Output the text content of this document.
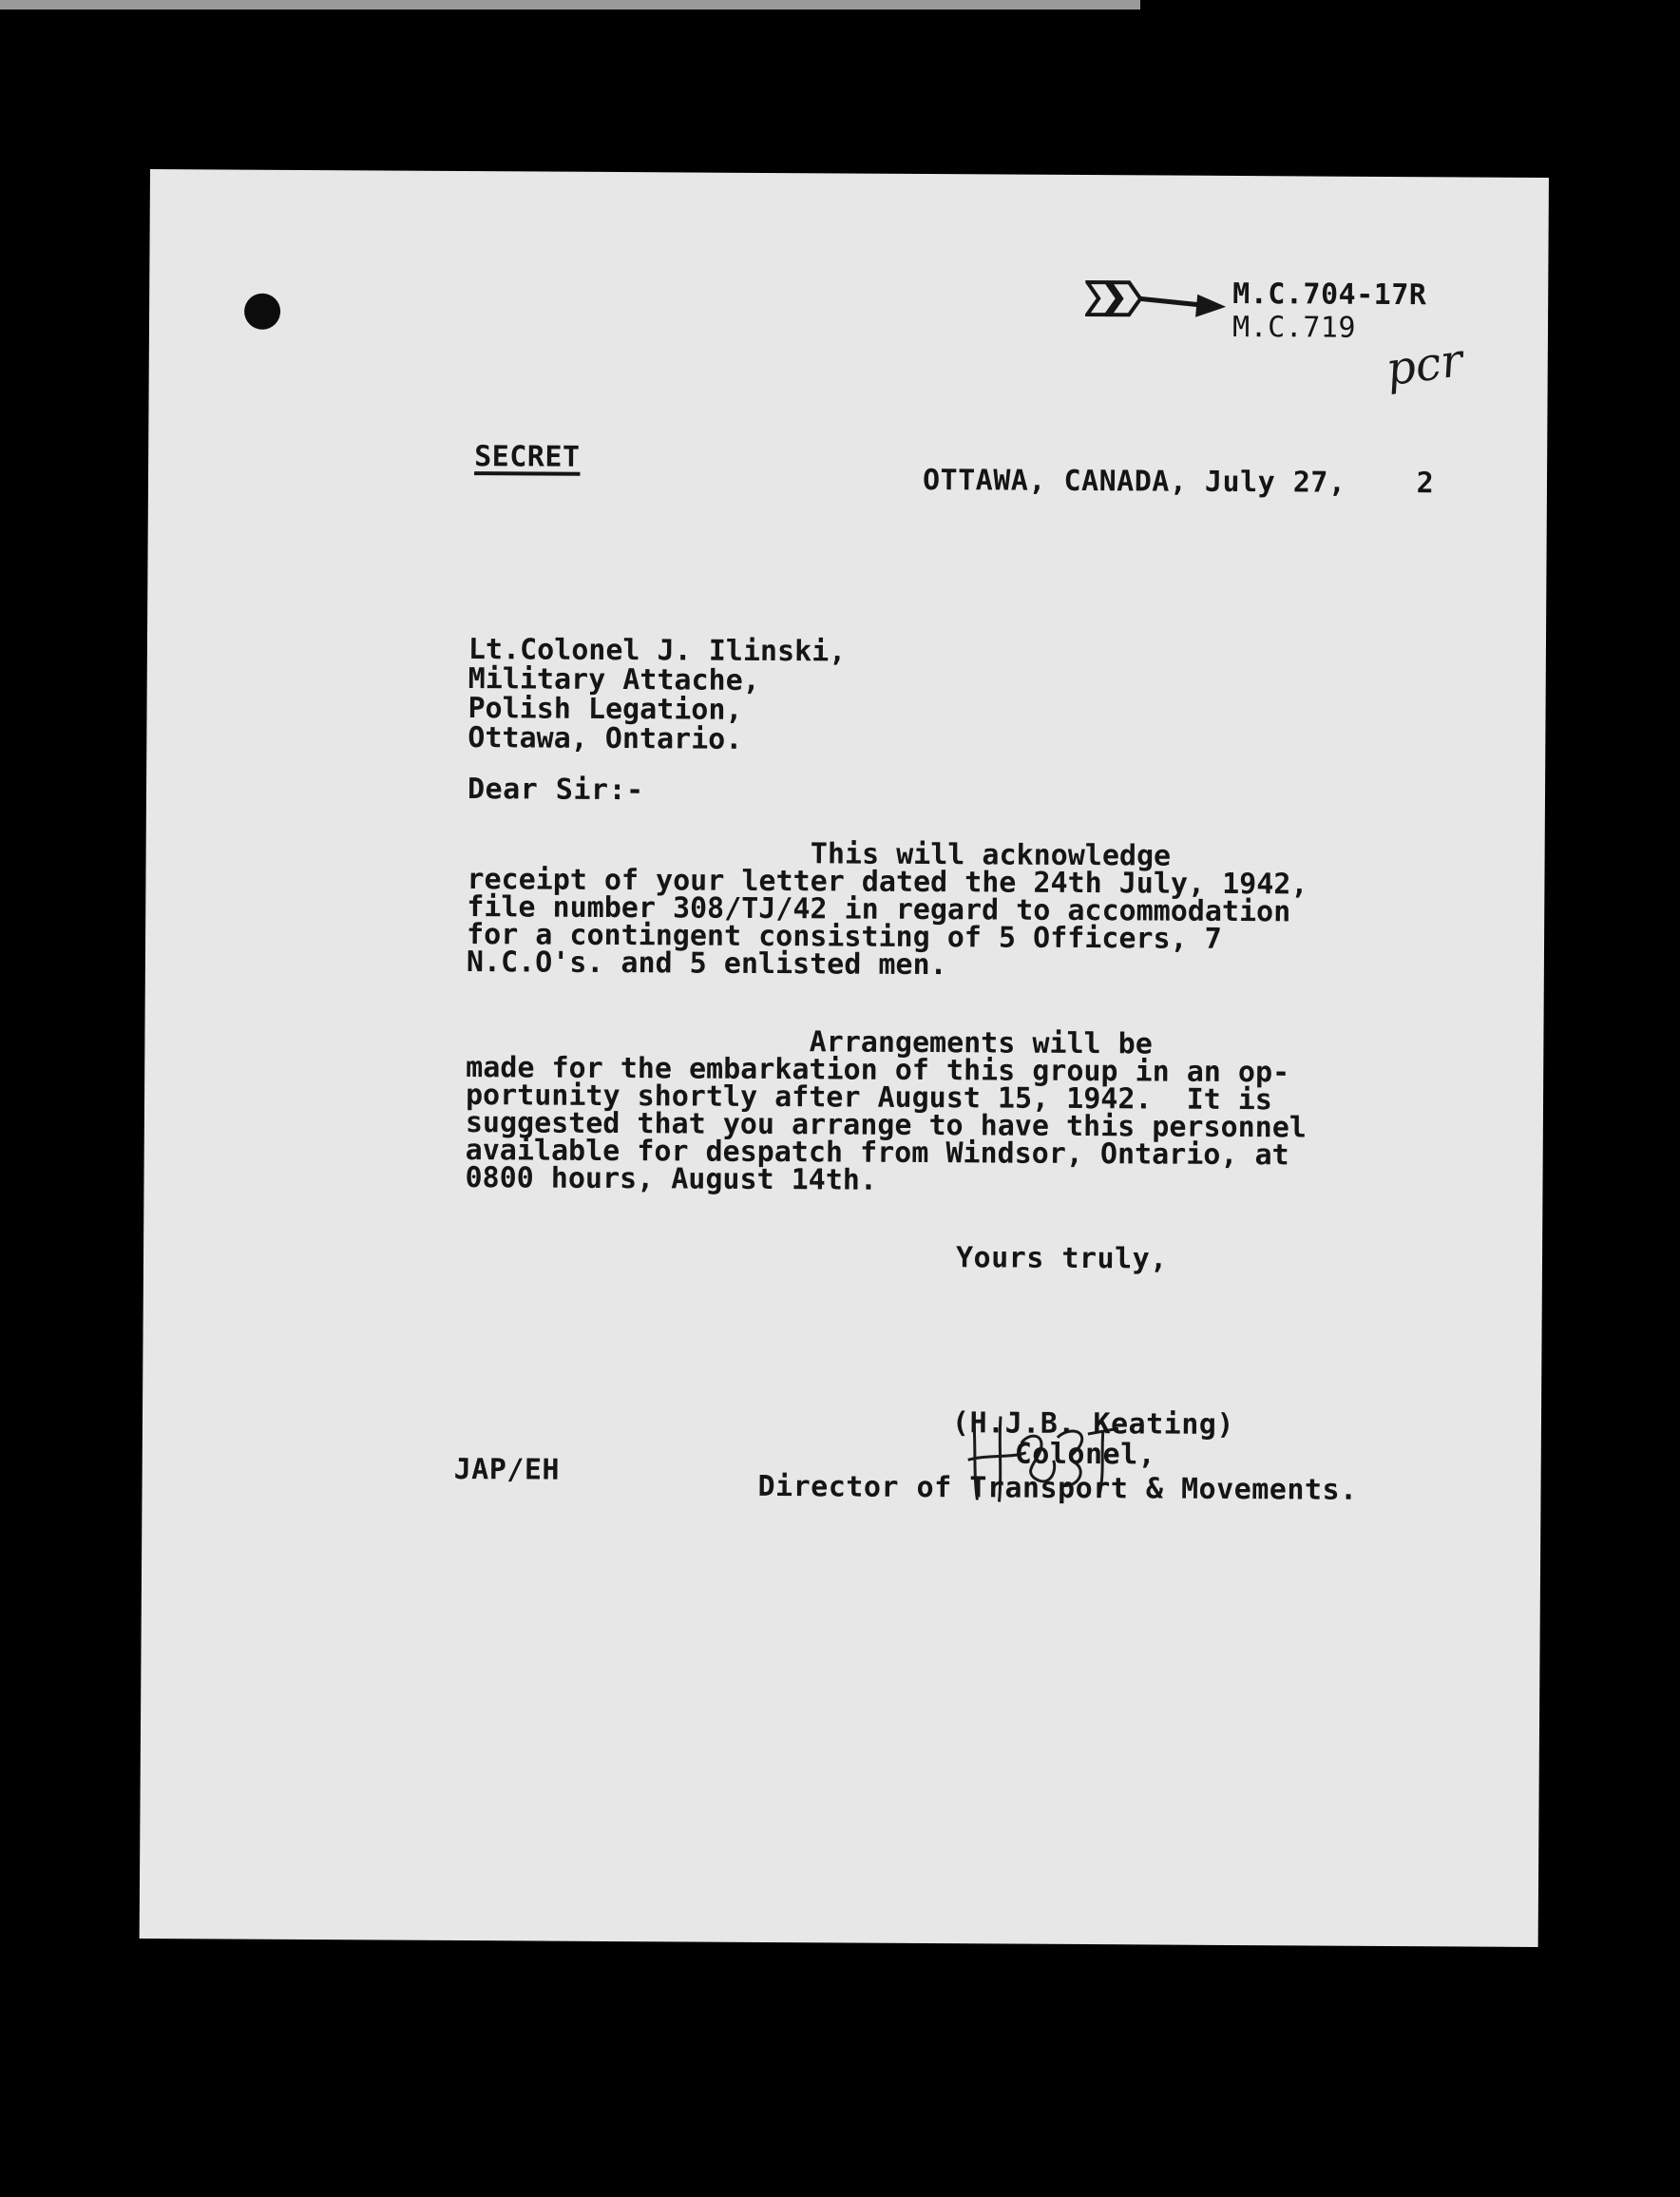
M.C.704-17R
M.C.719
pcr
SECRET
OTTAWA, CANADA, July 27,    2
Lt.Colonel J. Ilinski,
Military Attache,
Polish Legation,
Ottawa, Ontario.
Dear Sir:-
This will acknowledge
receipt of your letter dated the 24th July, 1942,
file number 308/TJ/42 in regard to accommodation
for a contingent consisting of 5 Officers, 7
N.C.O's. and 5 enlisted men.
Arrangements will be
made for the embarkation of this group in an op-
portunity shortly after August 15, 1942.  It is
suggested that you arrange to have this personnel
available for despatch from Windsor, Ontario, at
0800 hours, August 14th.
Yours truly,
(H.J.B. Keating)
Colonel,
Director of Transport & Movements.
JAP/EH
